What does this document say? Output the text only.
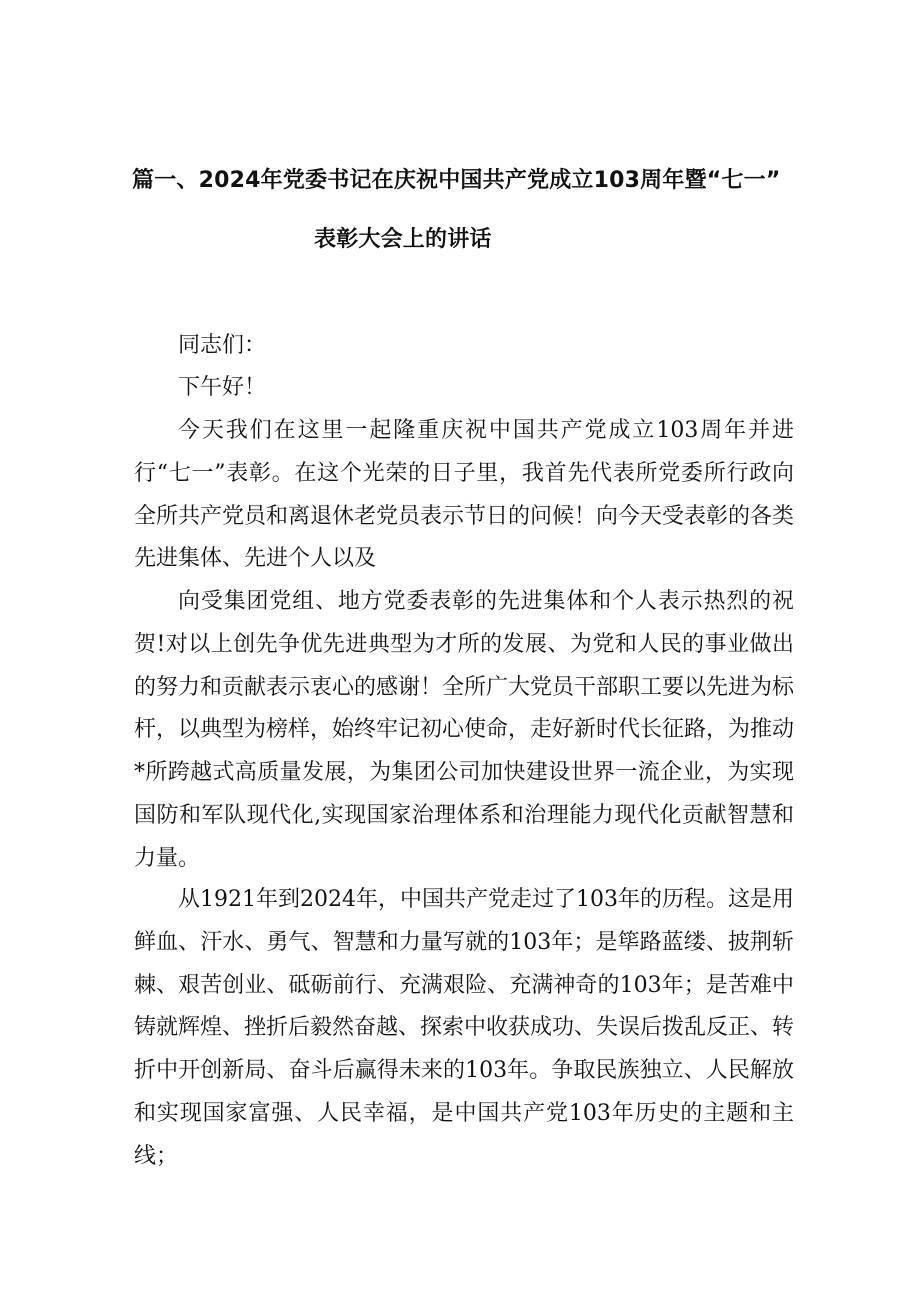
篇一、2024年党委书记在庆祝中国共产党成立103周年暨“七一”
表彰大会上的讲话

同志们：

下午好！

今天我们在这里一起隆重庆祝中国共产党成立103周年并进行“七一”表彰。在这个光荣的日子里，我首先代表所党委所行政向全所共产党员和离退休老党员表示节日的问候！向今天受表彰的各类先进集体、先进个人以及

向受集团党组、地方党委表彰的先进集体和个人表示热烈的祝贺!对以上创先争优先进典型为才所的发展、为党和人民的事业做出的努力和贡献表示衷心的感谢！全所广大党员干部职工要以先进为标杆，以典型为榜样，始终牢记初心使命，走好新时代长征路，为推动*所跨越式高质量发展，为集团公司加快建设世界一流企业，为实现国防和军队现代化,实现国家治理体系和治理能力现代化贡献智慧和力量。

从1921年到2024年，中国共产党走过了103年的历程。这是用鲜血、汗水、勇气、智慧和力量写就的103年；是筚路蓝缕、披荆斩棘、艰苦创业、砥砺前行、充满艰险、充满神奇的103年；是苦难中铸就辉煌、挫折后毅然奋越、探索中收获成功、失误后拨乱反正、转折中开创新局、奋斗后赢得未来的103年。争取民族独立、人民解放和实现国家富强、人民幸福，是中国共产党103年历史的主题和主线；
